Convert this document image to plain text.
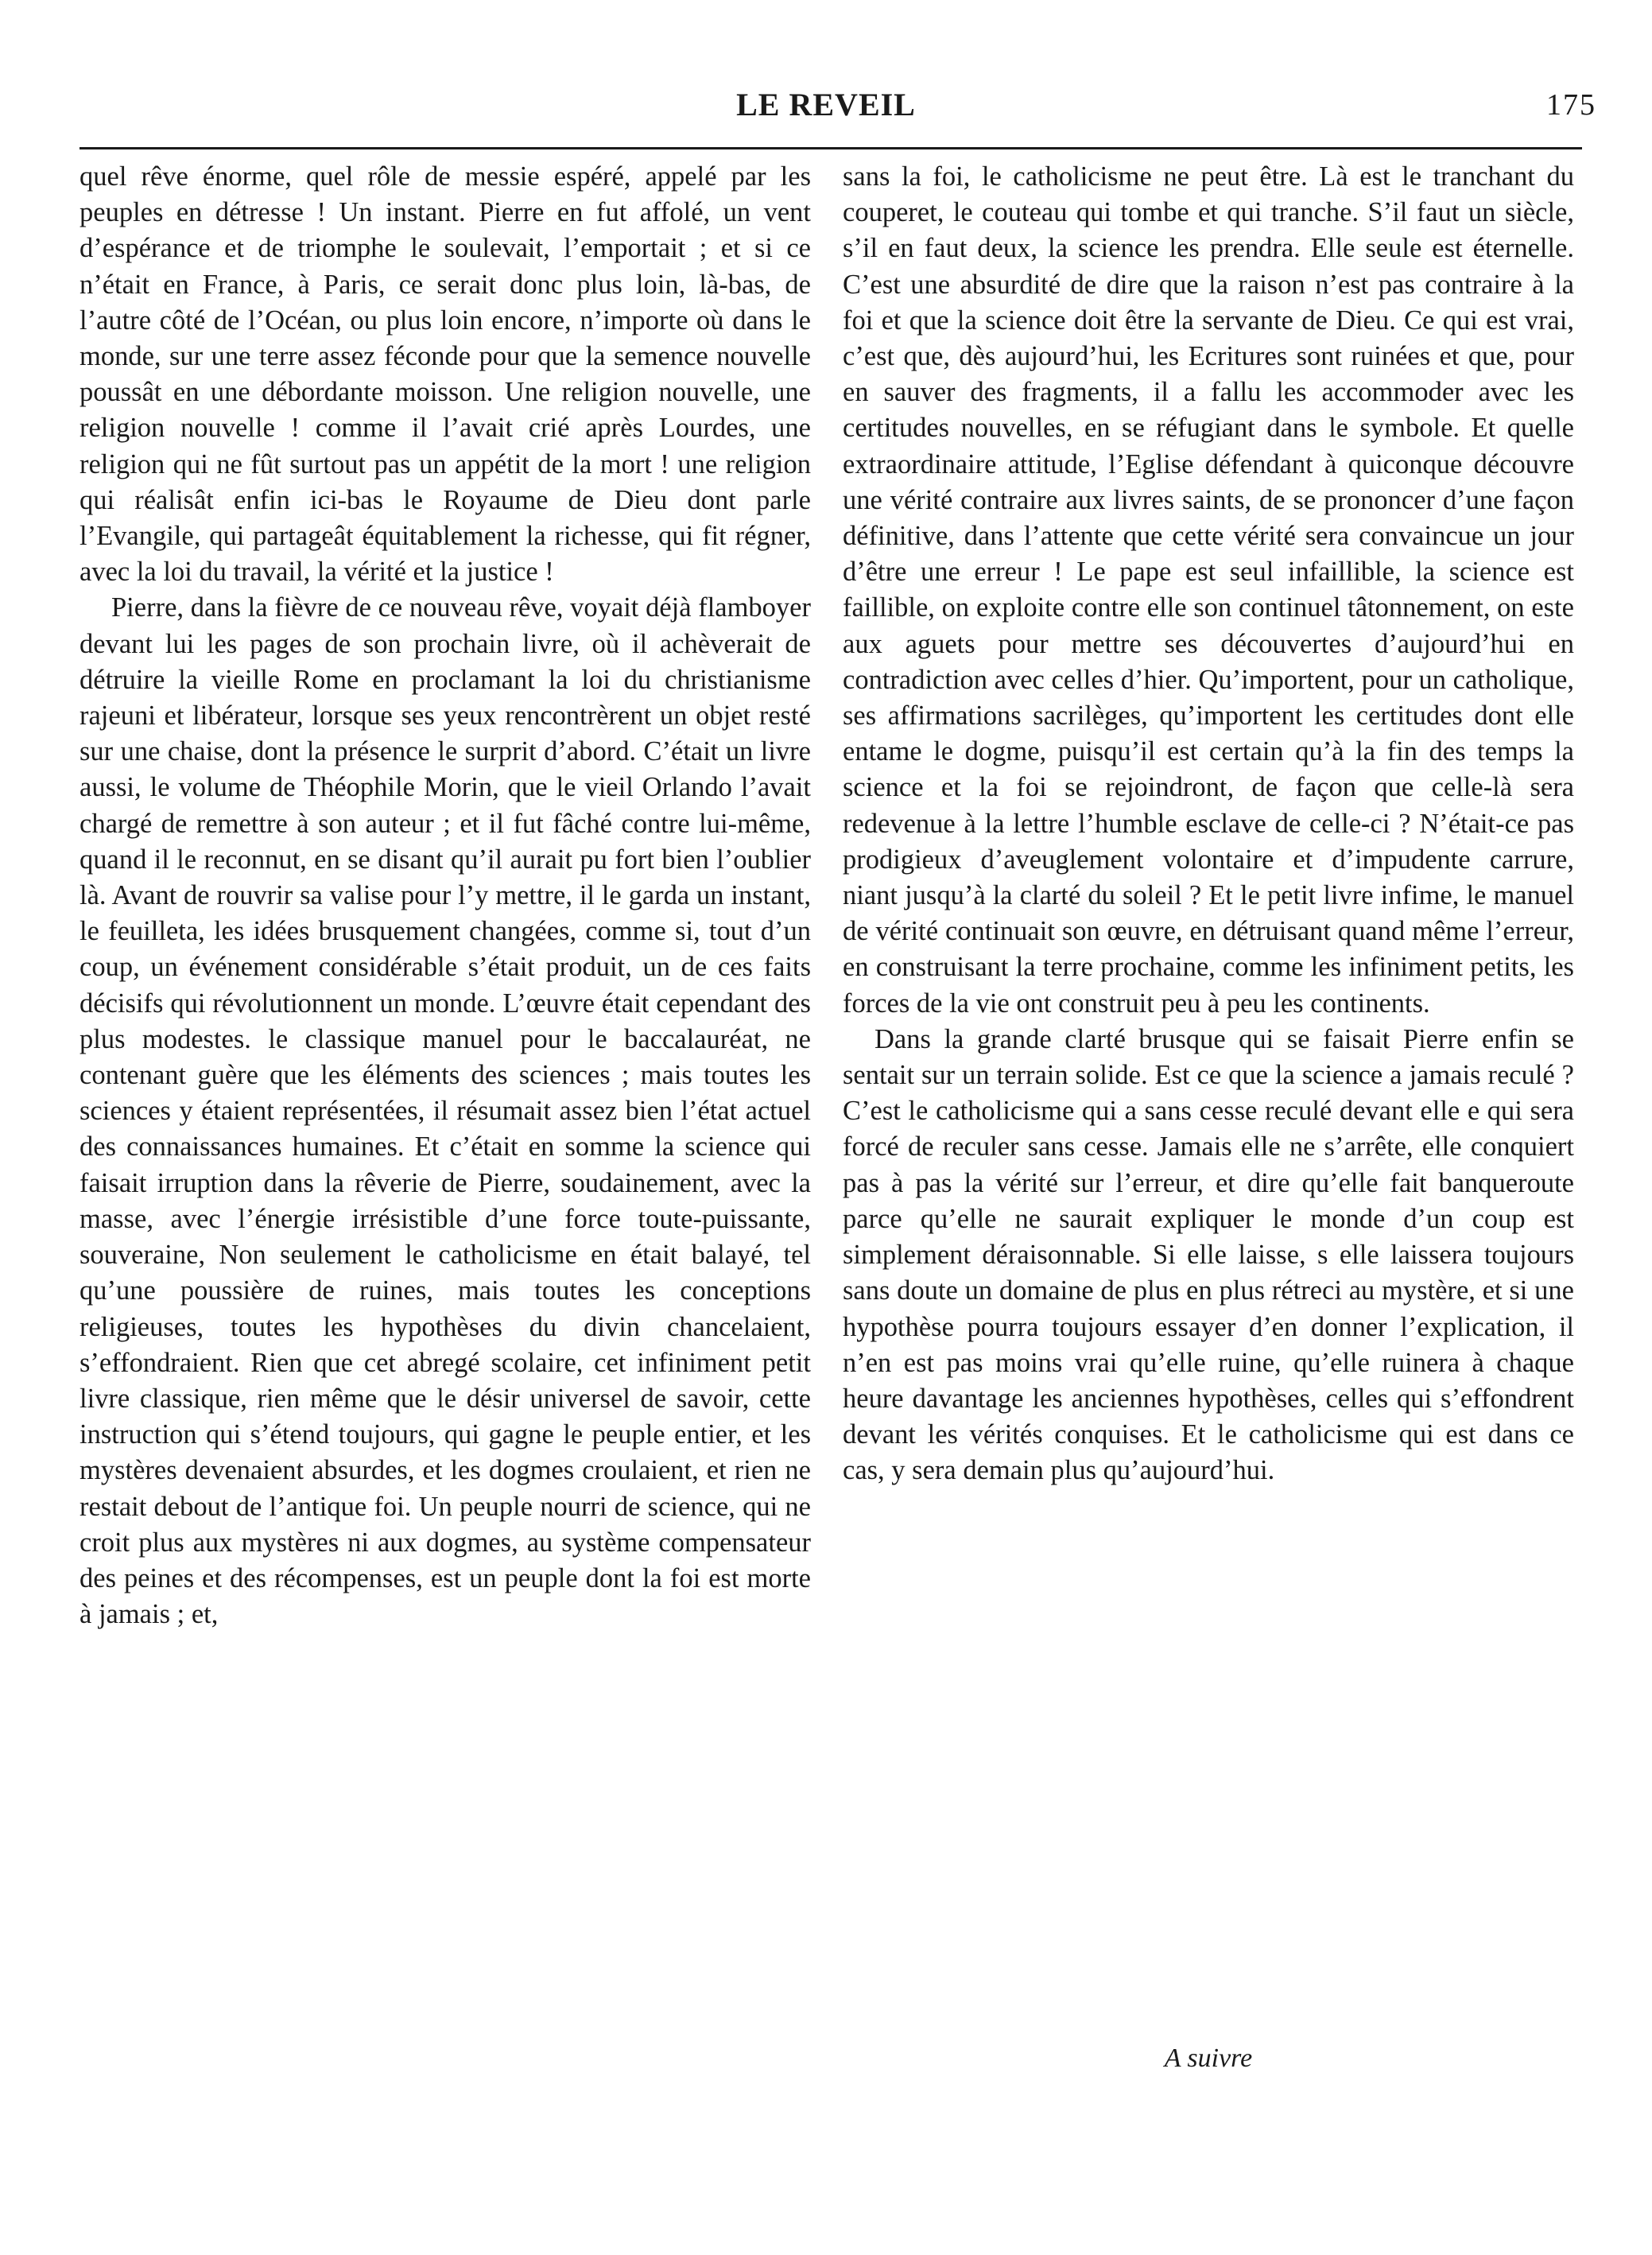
LE REVEIL	175

quel rêve énorme, quel rôle de messie espéré, appelé par les peuples en détresse ! Un instant. Pierre en fut affolé, un vent d’espérance et de triomphe le soulevait, l’emportait ; et si ce n’était en France, à Paris, ce serait donc plus loin, là-bas, de l’autre côté de l’Océan, ou plus loin encore, n’importe où dans le monde, sur une terre assez féconde pour que la semence nouvelle poussât en une débordante moisson. Une religion nouvelle, une religion nouvelle ! comme il l’avait crié après Lourdes, une religion qui ne fût surtout pas un appétit de la mort ! une religion qui réalisât enfin ici-bas le Royaume de Dieu dont parle l’Evangile, qui partageât équitablement la richesse, qui fit régner, avec la loi du travail, la vérité et la justice !

Pierre, dans la fièvre de ce nouveau rêve, voyait déjà flamboyer devant lui les pages de son prochain livre, où il achèverait de détruire la vieille Rome en proclamant la loi du christianisme rajeuni et libérateur, lorsque ses yeux rencontrèrent un objet resté sur une chaise, dont la présence le surprit d’abord. C’était un livre aussi, le volume de Théophile Morin, que le vieil Orlando l’avait chargé de remettre à son auteur ; et il fut fâché contre lui-même, quand il le reconnut, en se disant qu’il aurait pu fort bien l’oublier là. Avant de rouvrir sa valise pour l’y mettre, il le garda un instant, le feuilleta, les idées brusquement changées, comme si, tout d’un coup, un événement considérable s’était produit, un de ces faits décisifs qui révolutionnent un monde. L’œuvre était cependant des plus modestes. le classique manuel pour le baccalauréat, ne contenant guère que les éléments des sciences ; mais toutes les sciences y étaient représentées, il résumait assez bien l’état actuel des connaissances humaines. Et c’était en somme la science qui faisait irruption dans la rêverie de Pierre, soudainement, avec la masse, avec l’énergie irrésistible d’une force toute-puissante, souveraine, Non seulement le catholicisme en était balayé, tel qu’une poussière de ruines, mais toutes les conceptions religieuses, toutes les hypothèses du divin chancelaient, s’effondraient. Rien que cet abregé scolaire, cet infiniment petit livre classique, rien même que le désir universel de savoir, cette instruction qui s’étend toujours, qui gagne le peuple entier, et les mystères devenaient absurdes, et les dogmes croulaient, et rien ne restait debout de l’antique foi. Un peuple nourri de science, qui ne croit plus aux mystères ni aux dogmes, au système compensateur des peines et des récompenses, est un peuple dont la foi est morte à jamais ; et,

sans la foi, le catholicisme ne peut être. Là est le tranchant du couperet, le couteau qui tombe et qui tranche. S’il faut un siècle, s’il en faut deux, la science les prendra. Elle seule est éternelle. C’est une absurdité de dire que la raison n’est pas contraire à la foi et que la science doit être la servante de Dieu. Ce qui est vrai, c’est que, dès aujourd’hui, les Ecritures sont ruinées et que, pour en sauver des fragments, il a fallu les accommoder avec les certitudes nouvelles, en se réfugiant dans le symbole. Et quelle extraordinaire attitude, l’Eglise défendant à quiconque découvre une vérité contraire aux livres saints, de se prononcer d’une façon définitive, dans l’attente que cette vérité sera convaincue un jour d’être une erreur ! Le pape est seul infaillible, la science est faillible, on exploite contre elle son continuel tâtonnement, on este aux aguets pour mettre ses découvertes d’aujourd’hui en contradiction avec celles d’hier. Qu’importent, pour un catholique, ses affirmations sacrilèges, qu’importent les certitudes dont elle entame le dogme, puisqu’il est certain qu’à la fin des temps la science et la foi se rejoindront, de façon que celle-là sera redevenue à la lettre l’humble esclave de celle-ci ? N’était-ce pas prodigieux d’aveuglement volontaire et d’impudente carrure, niant jusqu’à la clarté du soleil ? Et le petit livre infime, le manuel de vérité continuait son œuvre, en détruisant quand même l’erreur, en construisant la terre prochaine, comme les infiniment petits, les forces de la vie ont construit peu à peu les continents.

Dans la grande clarté brusque qui se faisait Pierre enfin se sentait sur un terrain solide. Est ce que la science a jamais reculé ? C’est le catholicisme qui a sans cesse reculé devant elle e qui sera forcé de reculer sans cesse. Jamais elle ne s’arrête, elle conquiert pas à pas la vérité sur l’erreur, et dire qu’elle fait banqueroute parce qu’elle ne saurait expliquer le monde d’un coup est simplement déraisonnable. Si elle laisse, s elle laissera toujours sans doute un domaine de plus en plus rétreci au mystère, et si une hypothèse pourra toujours essayer d’en donner l’explication, il n’en est pas moins vrai qu’elle ruine, qu’elle ruinera à chaque heure davantage les anciennes hypothèses, celles qui s’effondrent devant les vérités conquises. Et le catholicisme qui est dans ce cas, y sera demain plus qu’aujourd’hui.

A suivre
